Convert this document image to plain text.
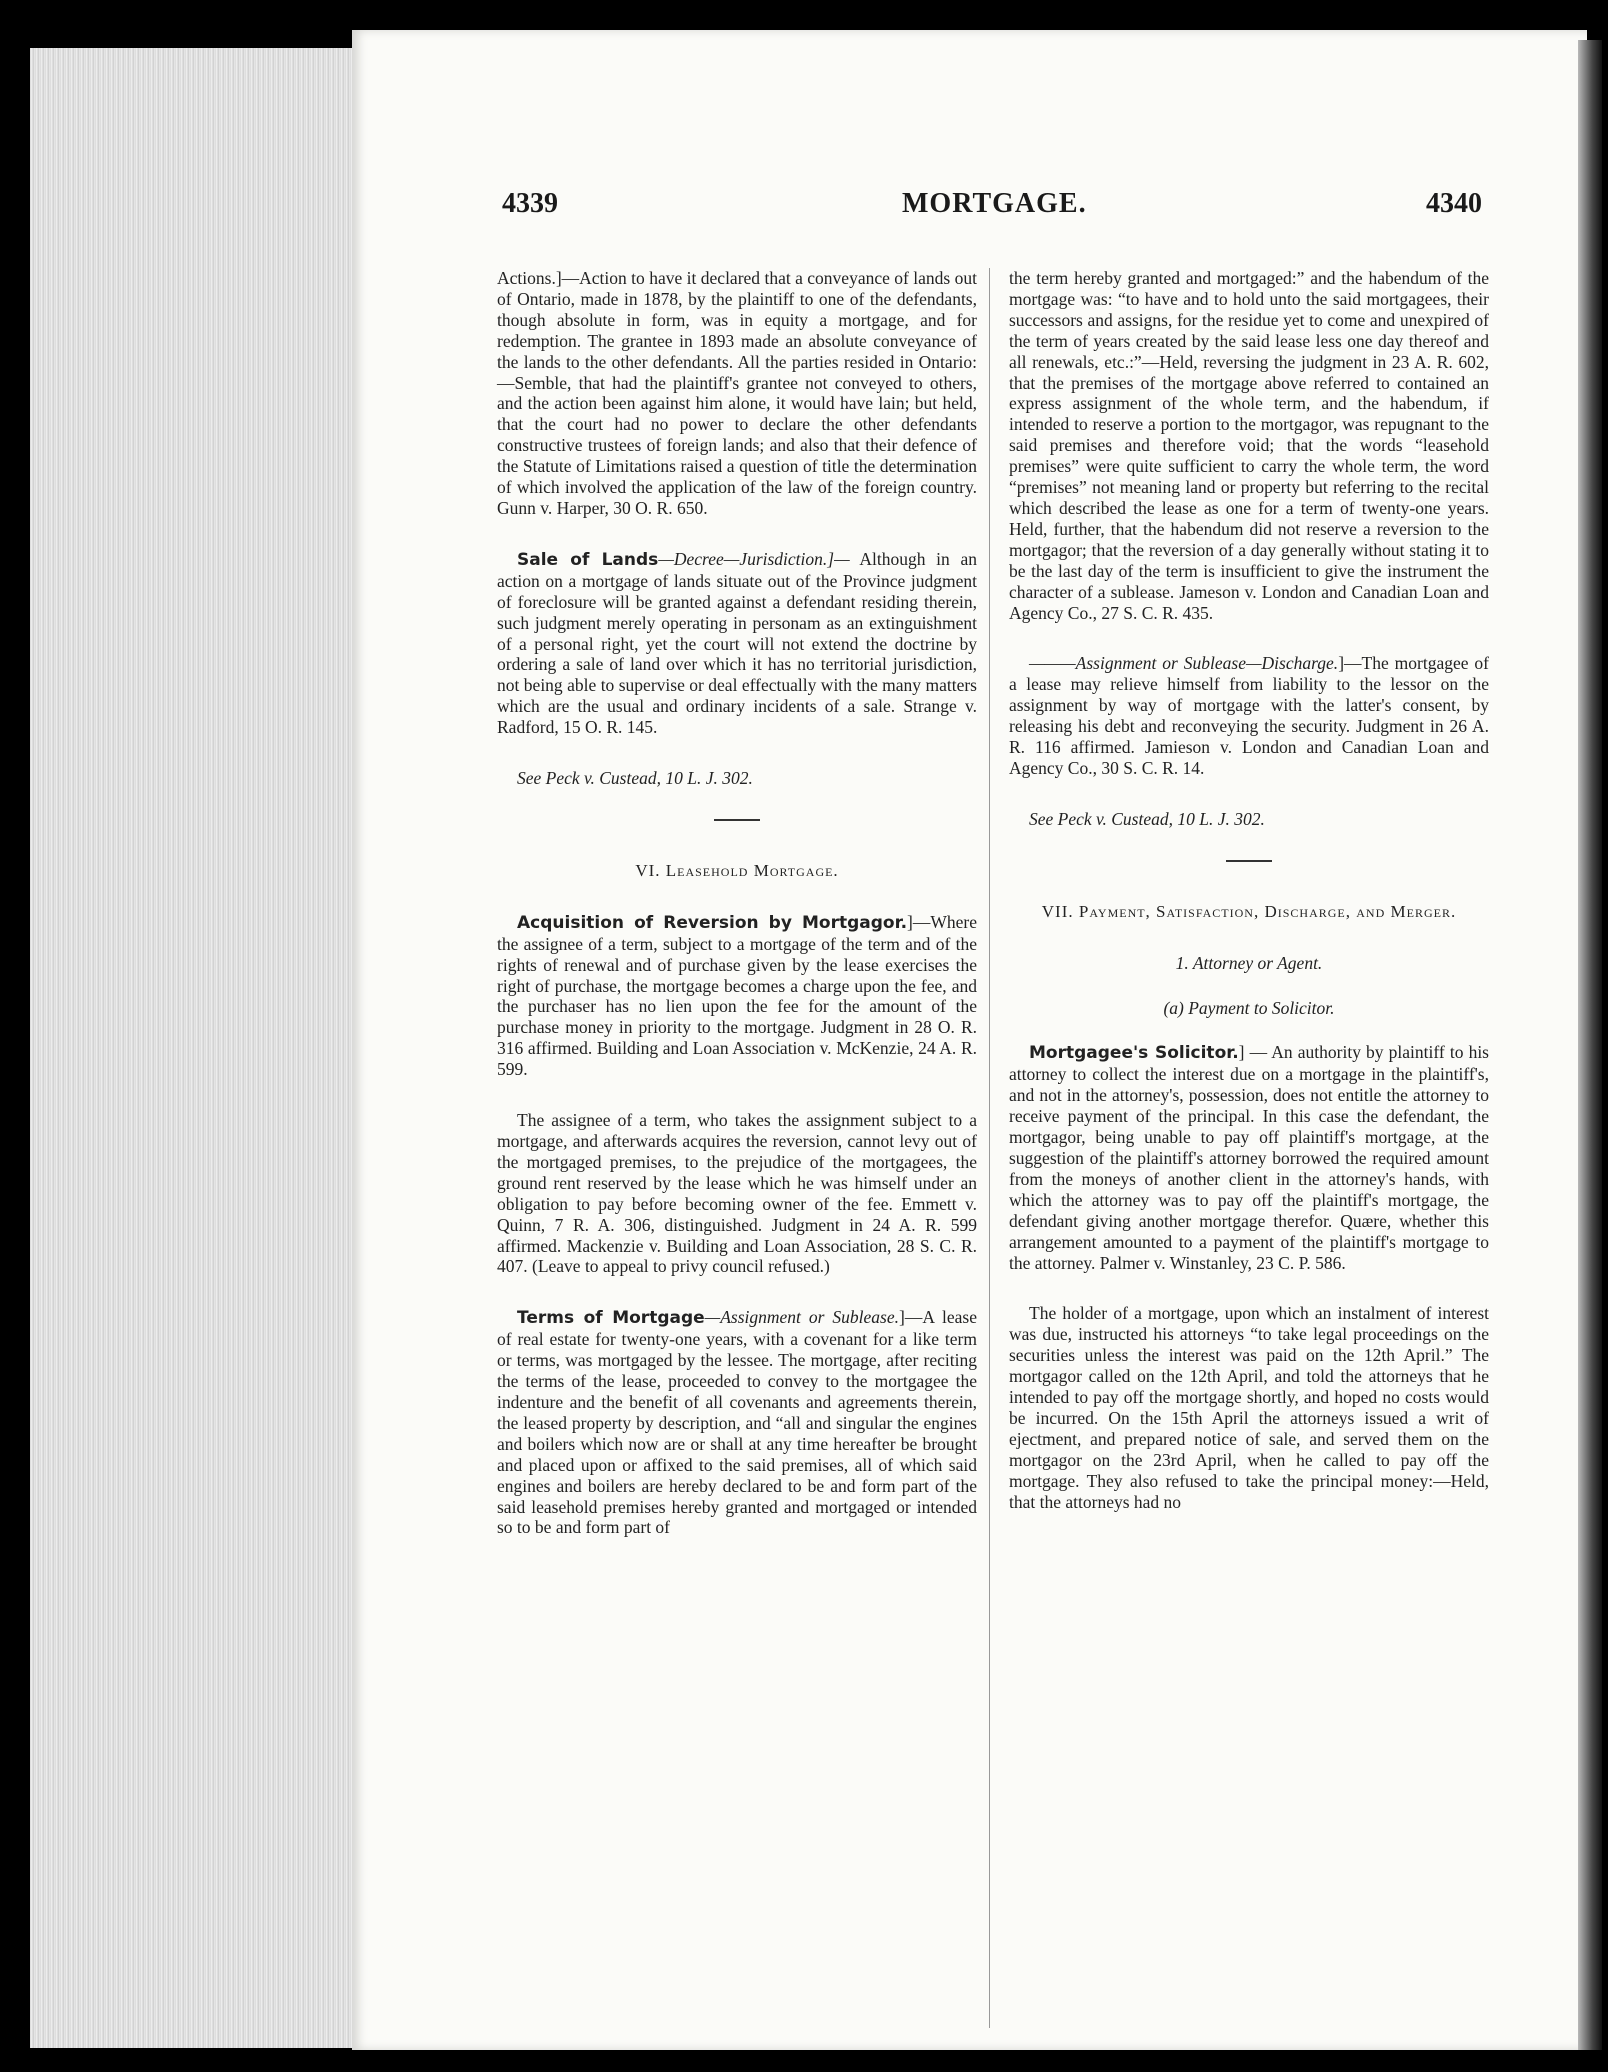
4339	MORTGAGE.	4340

Actions.]—Action to have it declared that a conveyance of lands out of Ontario, made in 1878, by the plaintiff to one of the defendants, though absolute in form, was in equity a mortgage, and for redemption. The grantee in 1893 made an absolute conveyance of the lands to the other defendants. All the parties resided in Ontario:—Semble, that had the plaintiff's grantee not conveyed to others, and the action been against him alone, it would have lain; but held, that the court had no power to declare the other defendants constructive trustees of foreign lands; and also that their defence of the Statute of Limitations raised a question of title the determination of which involved the application of the law of the foreign country. Gunn v. Harper, 30 O. R. 650.

Sale of Lands—Decree—Jurisdiction.]— Although in an action on a mortgage of lands situate out of the Province judgment of foreclosure will be granted against a defendant residing therein, such judgment merely operating in personam as an extinguishment of a personal right, yet the court will not extend the doctrine by ordering a sale of land over which it has no territorial jurisdiction, not being able to supervise or deal effectually with the many matters which are the usual and ordinary incidents of a sale. Strange v. Radford, 15 O. R. 145.

See Peck v. Custead, 10 L. J. 302.

VI. Leasehold Mortgage.

Acquisition of Reversion by Mortgagor.]—Where the assignee of a term, subject to a mortgage of the term and of the rights of renewal and of purchase given by the lease exercises the right of purchase, the mortgage becomes a charge upon the fee, and the purchaser has no lien upon the fee for the amount of the purchase money in priority to the mortgage. Judgment in 28 O. R. 316 affirmed. Building and Loan Association v. McKenzie, 24 A. R. 599.

The assignee of a term, who takes the assignment subject to a mortgage, and afterwards acquires the reversion, cannot levy out of the mortgaged premises, to the prejudice of the mortgagees, the ground rent reserved by the lease which he was himself under an obligation to pay before becoming owner of the fee. Emmett v. Quinn, 7 R. A. 306, distinguished. Judgment in 24 A. R. 599 affirmed. Mackenzie v. Building and Loan Association, 28 S. C. R. 407. (Leave to appeal to privy council refused.)

Terms of Mortgage—Assignment or Sublease.]—A lease of real estate for twenty-one years, with a covenant for a like term or terms, was mortgaged by the lessee. The mortgage, after reciting the terms of the lease, proceeded to convey to the mortgagee the indenture and the benefit of all covenants and agreements therein, the leased property by description, and “all and singular the engines and boilers which now are or shall at any time hereafter be brought and placed upon or affixed to the said premises, all of which said engines and boilers are hereby declared to be and form part of the said leasehold premises hereby granted and mortgaged or intended so to be and form part of

the term hereby granted and mortgaged:” and the habendum of the mortgage was: “to have and to hold unto the said mortgagees, their successors and assigns, for the residue yet to come and unexpired of the term of years created by the said lease less one day thereof and all renewals, etc.:”—Held, reversing the judgment in 23 A. R. 602, that the premises of the mortgage above referred to contained an express assignment of the whole term, and the habendum, if intended to reserve a portion to the mortgagor, was repugnant to the said premises and therefore void; that the words “leasehold premises” were quite sufficient to carry the whole term, the word “premises” not meaning land or property but referring to the recital which described the lease as one for a term of twenty-one years. Held, further, that the habendum did not reserve a reversion to the mortgagor; that the reversion of a day generally without stating it to be the last day of the term is insufficient to give the instrument the character of a sublease. Jameson v. London and Canadian Loan and Agency Co., 27 S. C. R. 435.

———Assignment or Sublease—Discharge.]—The mortgagee of a lease may relieve himself from liability to the lessor on the assignment by way of mortgage with the latter's consent, by releasing his debt and reconveying the security. Judgment in 26 A. R. 116 affirmed. Jamieson v. London and Canadian Loan and Agency Co., 30 S. C. R. 14.

See Peck v. Custead, 10 L. J. 302.

VII. Payment, Satisfaction, Discharge, and Merger.
1. Attorney or Agent.
(a) Payment to Solicitor.

Mortgagee's Solicitor.] — An authority by plaintiff to his attorney to collect the interest due on a mortgage in the plaintiff's, and not in the attorney's, possession, does not entitle the attorney to receive payment of the principal. In this case the defendant, the mortgagor, being unable to pay off plaintiff's mortgage, at the suggestion of the plaintiff's attorney borrowed the required amount from the moneys of another client in the attorney's hands, with which the attorney was to pay off the plaintiff's mortgage, the defendant giving another mortgage therefor. Quære, whether this arrangement amounted to a payment of the plaintiff's mortgage to the attorney. Palmer v. Winstanley, 23 C. P. 586.

The holder of a mortgage, upon which an instalment of interest was due, instructed his attorneys “to take legal proceedings on the securities unless the interest was paid on the 12th April.” The mortgagor called on the 12th April, and told the attorneys that he intended to pay off the mortgage shortly, and hoped no costs would be incurred. On the 15th April the attorneys issued a writ of ejectment, and prepared notice of sale, and served them on the mortgagor on the 23rd April, when he called to pay off the mortgage. They also refused to take the principal money:—Held, that the attorneys had no
